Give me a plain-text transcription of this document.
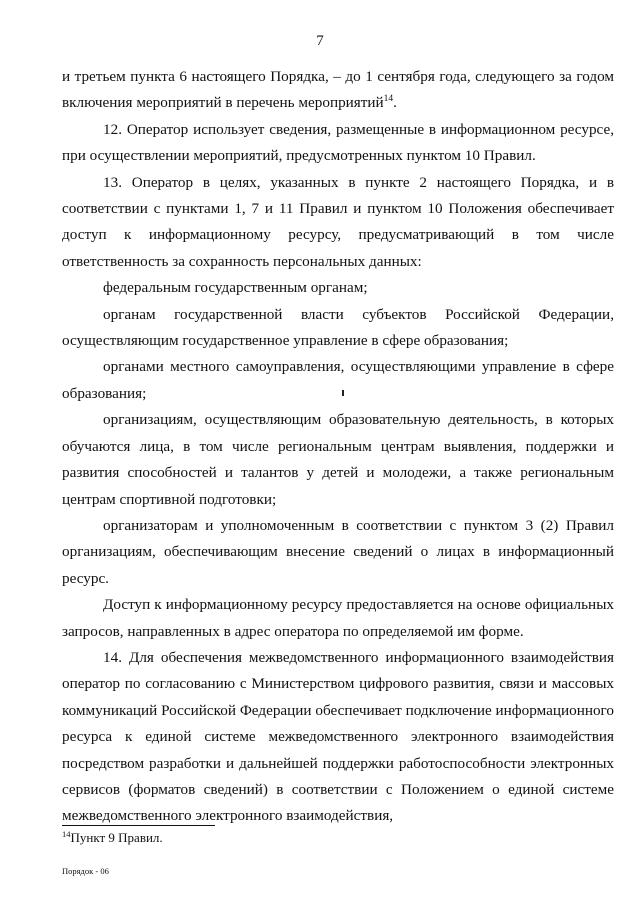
7

и третьем пункта 6 настоящего Порядка, – до 1 сентября года, следующего за годом включения мероприятий в перечень мероприятий$^{14}$.

12. Оператор использует сведения, размещенные в информационном ресурсе, при осуществлении мероприятий, предусмотренных пунктом 10 Правил.

13. Оператор в целях, указанных в пункте 2 настоящего Порядка, и в соответствии с пунктами 1, 7 и 11 Правил и пунктом 10 Положения обеспечивает доступ к информационному ресурсу, предусматривающий в том числе ответственность за сохранность персональных данных:

федеральным государственным органам;

органам государственной власти субъектов Российской Федерации, осуществляющим государственное управление в сфере образования;

органами местного самоуправления, осуществляющими управление в сфере образования;

организациям, осуществляющим образовательную деятельность, в которых обучаются лица, в том числе региональным центрам выявления, поддержки и развития способностей и талантов у детей и молодежи, а также региональным центрам спортивной подготовки;

организаторам и уполномоченным в соответствии с пунктом 3 (2) Правил организациям, обеспечивающим внесение сведений о лицах в информационный ресурс.

Доступ к информационному ресурсу предоставляется на основе официальных запросов, направленных в адрес оператора по определяемой им форме.

14. Для обеспечения межведомственного информационного взаимодействия оператор по согласованию с Министерством цифрового развития, связи и массовых коммуникаций Российской Федерации обеспечивает подключение информационного ресурса к единой системе межведомственного электронного взаимодействия посредством разработки и дальнейшей поддержки работоспособности электронных сервисов (форматов сведений) в соответствии с Положением о единой системе межведомственного электронного взаимодействия,

$^{14}$Пункт 9 Правил.
Порядок - 06
